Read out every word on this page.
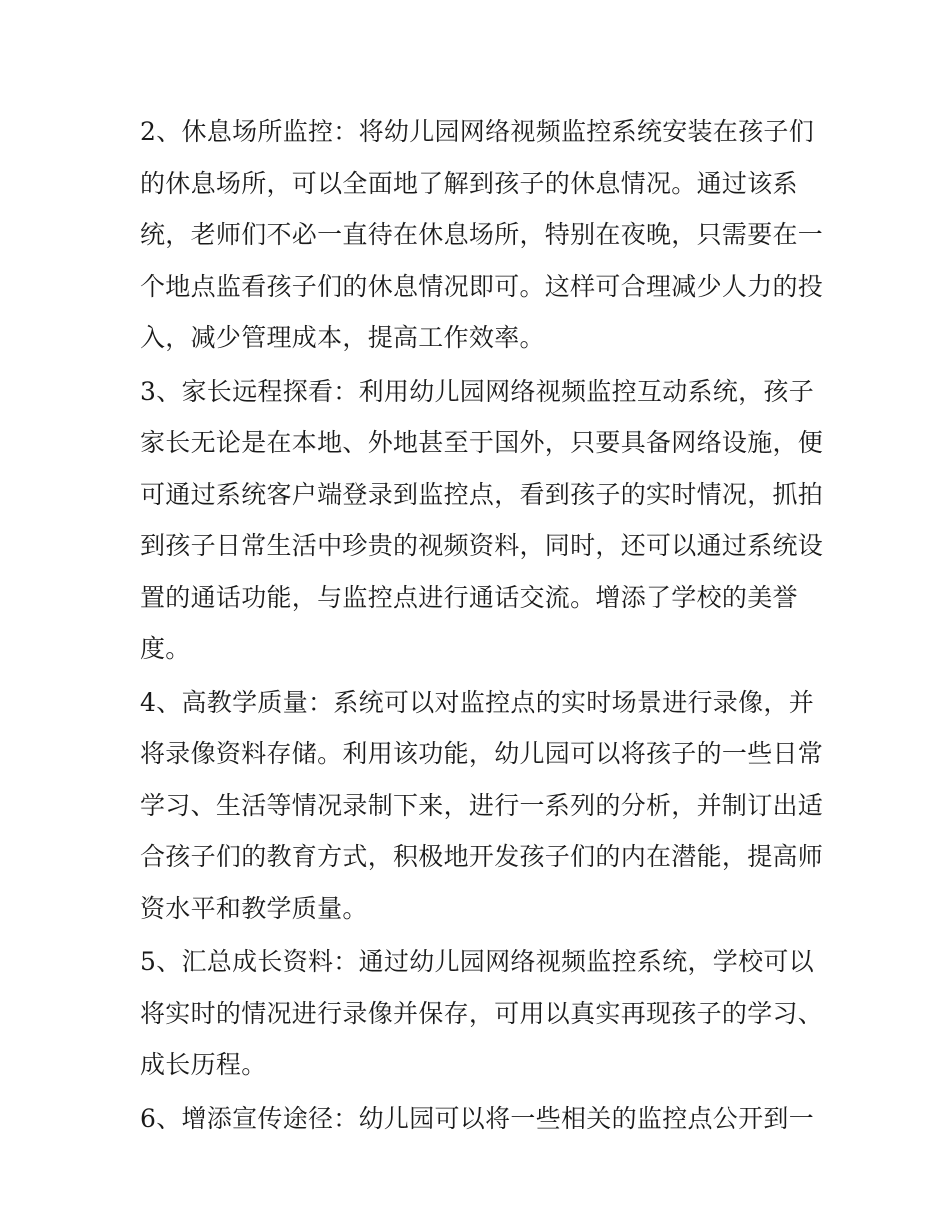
2、休息场所监控：将幼儿园网络视频监控系统安装在孩子们
的休息场所，可以全面地了解到孩子的休息情况。通过该系
统，老师们不必一直待在休息场所，特别在夜晚，只需要在一
个地点监看孩子们的休息情况即可。这样可合理减少人力的投
入，减少管理成本，提高工作效率。
3、家长远程探看：利用幼儿园网络视频监控互动系统，孩子
家长无论是在本地、外地甚至于国外，只要具备网络设施，便
可通过系统客户端登录到监控点，看到孩子的实时情况，抓拍
到孩子日常生活中珍贵的视频资料，同时，还可以通过系统设
置的通话功能，与监控点进行通话交流。增添了学校的美誉
度。
4、高教学质量：系统可以对监控点的实时场景进行录像，并
将录像资料存储。利用该功能，幼儿园可以将孩子的一些日常
学习、生活等情况录制下来，进行一系列的分析，并制订出适
合孩子们的教育方式，积极地开发孩子们的内在潜能，提高师
资水平和教学质量。
5、汇总成长资料：通过幼儿园网络视频监控系统，学校可以
将实时的情况进行录像并保存，可用以真实再现孩子的学习、
成长历程。
6、增添宣传途径：幼儿园可以将一些相关的监控点公开到一
